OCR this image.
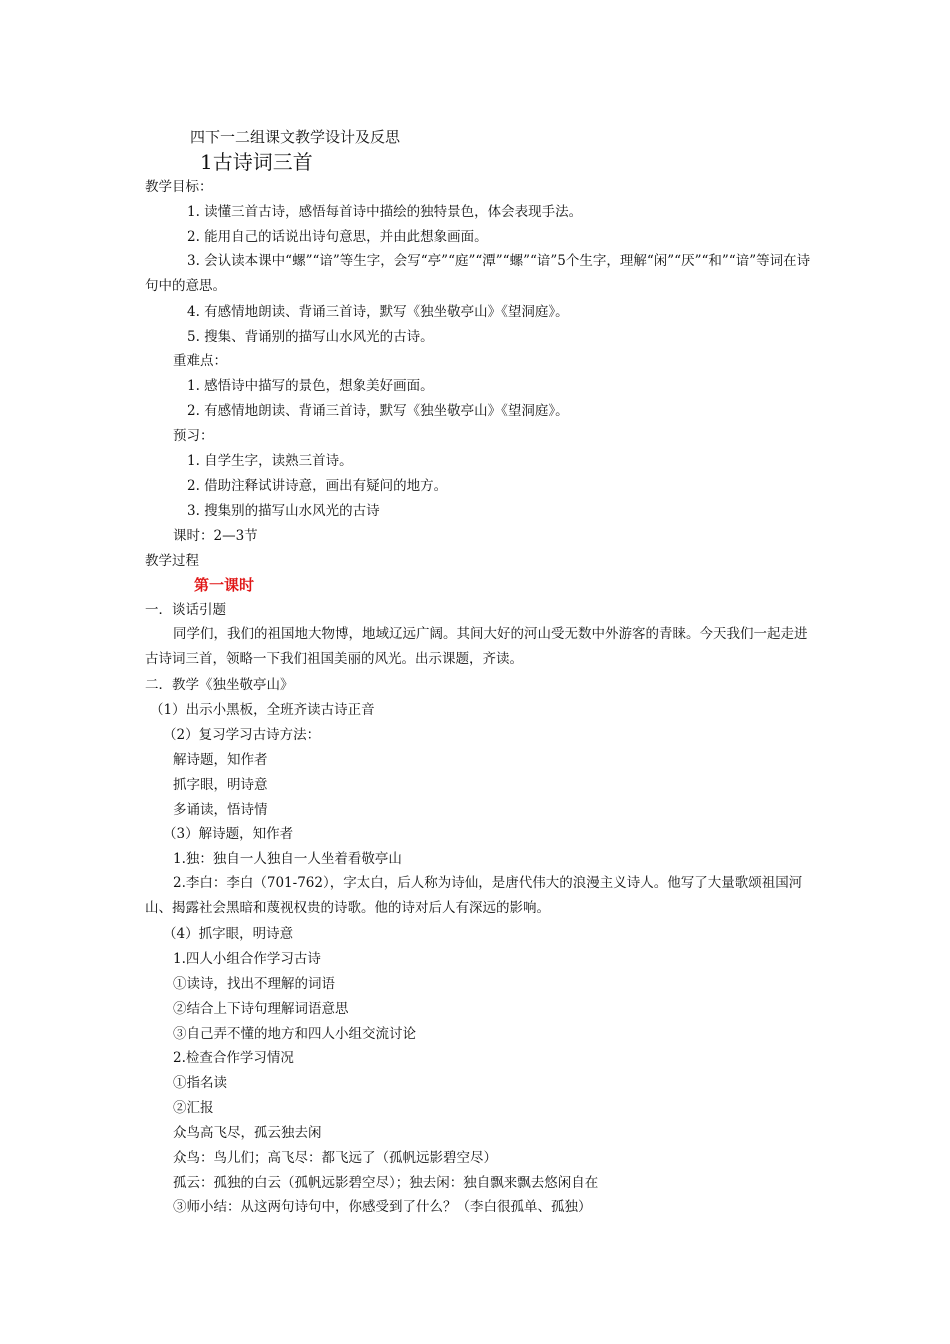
四下一二组课文教学设计及反思
1古诗词三首
教学目标：
1. 读懂三首古诗，感悟每首诗中描绘的独特景色，体会表现手法。
2. 能用自己的话说出诗句意思，并由此想象画面。
3. 会认读本课中“螺”“谙”等生字，会写“亭”“庭”“潭”“螺”“谙”5个生字，理解“闲”“厌”“和”“谙”等词在诗句中的意思。
4. 有感情地朗读、背诵三首诗，默写《独坐敬亭山》《望洞庭》。
5. 搜集、背诵别的描写山水风光的古诗。
重难点：
1. 感悟诗中描写的景色，想象美好画面。
2. 有感情地朗读、背诵三首诗，默写《独坐敬亭山》《望洞庭》。
预习：
1. 自学生字，读熟三首诗。
2. 借助注释试讲诗意，画出有疑问的地方。
3. 搜集别的描写山水风光的古诗
课时：2—3节
教学过程
第一课时
一．谈话引题
同学们，我们的祖国地大物博，地域辽远广阔。其间大好的河山受无数中外游客的青睐。今天我们一起走进古诗词三首，领略一下我们祖国美丽的风光。出示课题，齐读。
二．教学《独坐敬亭山》
（1）出示小黑板，全班齐读古诗正音
（2）复习学习古诗方法：
解诗题，知作者
抓字眼，明诗意
多诵读，悟诗情
（3）解诗题，知作者
1.独：独自一人独自一人坐着看敬亭山
2.李白：李白（701-762），字太白，后人称为诗仙，是唐代伟大的浪漫主义诗人。他写了大量歌颂祖国河山、揭露社会黑暗和蔑视权贵的诗歌。他的诗对后人有深远的影响。
（4）抓字眼，明诗意
1.四人小组合作学习古诗
①读诗，找出不理解的词语
②结合上下诗句理解词语意思
③自己弄不懂的地方和四人小组交流讨论
2.检查合作学习情况
①指名读
②汇报
众鸟高飞尽，孤云独去闲
众鸟：鸟儿们；高飞尽：都飞远了（孤帆远影碧空尽）
孤云：孤独的白云（孤帆远影碧空尽）；独去闲：独自飘来飘去悠闲自在
③师小结：从这两句诗句中，你感受到了什么？（李白很孤单、孤独）
